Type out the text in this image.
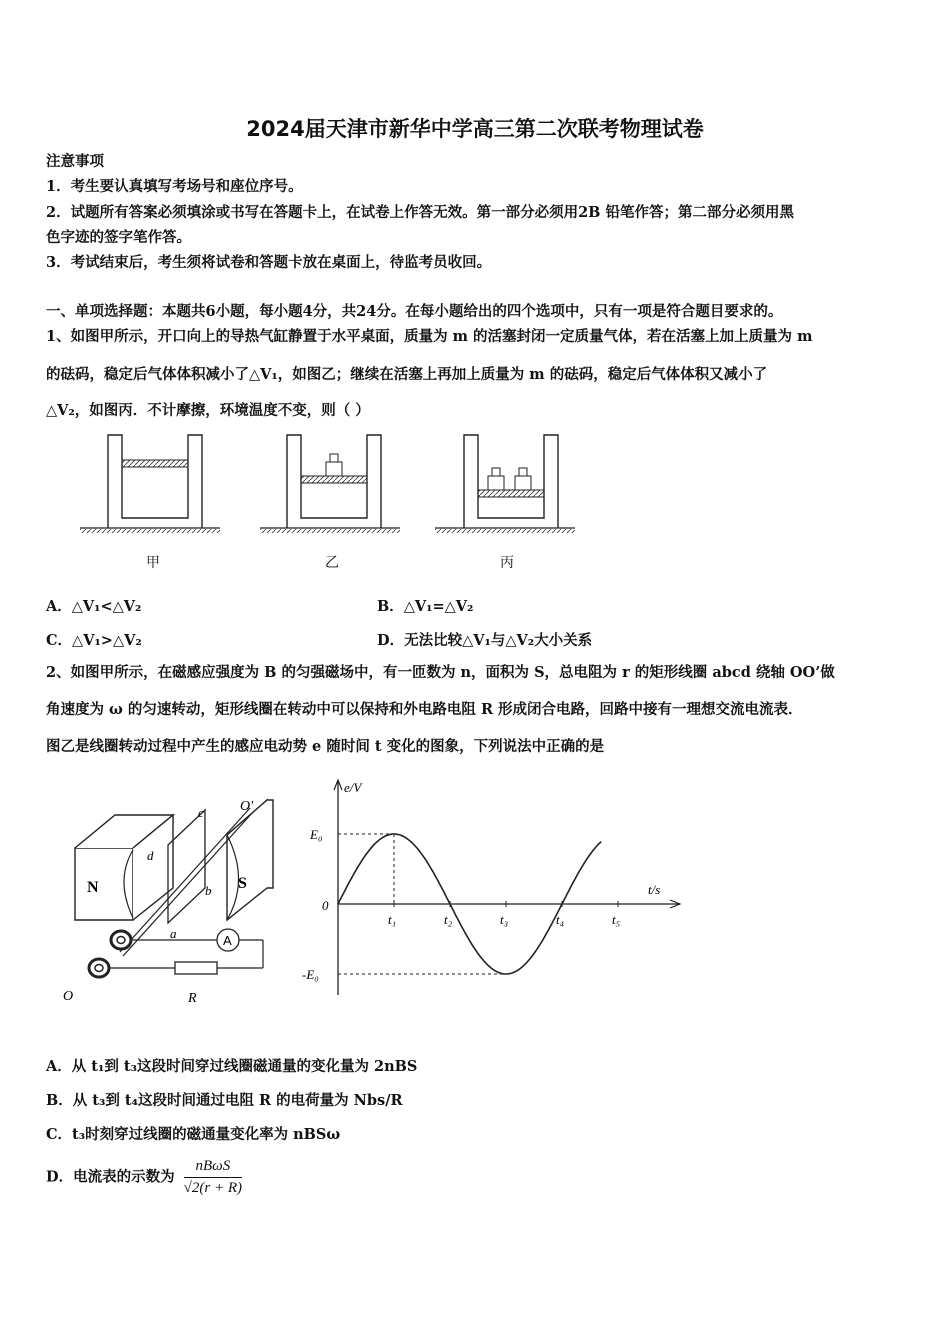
2024届天津市新华中学高三第二次联考物理试卷
注意事项
1．考生要认真填写考场号和座位序号。
2．试题所有答案必须填涂或书写在答题卡上，在试卷上作答无效。第一部分必须用2B 铅笔作答；第二部分必须用黑
色字迹的签字笔作答。
3．考试结束后，考生须将试卷和答题卡放在桌面上，待监考员收回。
一、单项选择题：本题共6小题，每小题4分，共24分。在每小题给出的四个选项中，只有一项是符合题目要求的。
1、如图甲所示，开口向上的导热气缸静置于水平桌面，质量为 m 的活塞封闭一定质量气体，若在活塞上加上质量为 m
的砝码，稳定后气体体积减小了△V₁，如图乙；继续在活塞上再加上质量为 m 的砝码，稳定后气体体积又减小了
△V₂，如图丙．不计摩擦，环境温度不变，则（ ）
甲	乙	丙
A．△V₁<△V₂	B．△V₁=△V₂
C．△V₁>△V₂	D．无法比较△V₁与△V₂大小关系
2、如图甲所示，在磁感应强度为 B 的匀强磁场中，有一匝数为 n，面积为 S，总电阻为 r 的矩形线圈 abcd 绕轴 OO’做
角速度为 ω 的匀速转动，矩形线圈在转动中可以保持和外电路电阻 R 形成闭合电路，回路中接有一理想交流电流表．
图乙是线圈转动过程中产生的感应电动势 e 随时间 t 变化的图象，下列说法中正确的是
N	S
d
b
c
a
O′
O
A
R
e/V
t/s
E₀
0
-E₀
t₁	t₂	t₃	t₄	t₅
A．从 t₁到 t₃这段时间穿过线圈磁通量的变化量为 2nBS
B．从 t₃到 t₄这段时间通过电阻 R 的电荷量为 Nbs/R
C．t₃时刻穿过线圈的磁通量变化率为 nBSω
D．电流表的示数为 $\frac{\text{nBωS}}{√2(r + R)}$
